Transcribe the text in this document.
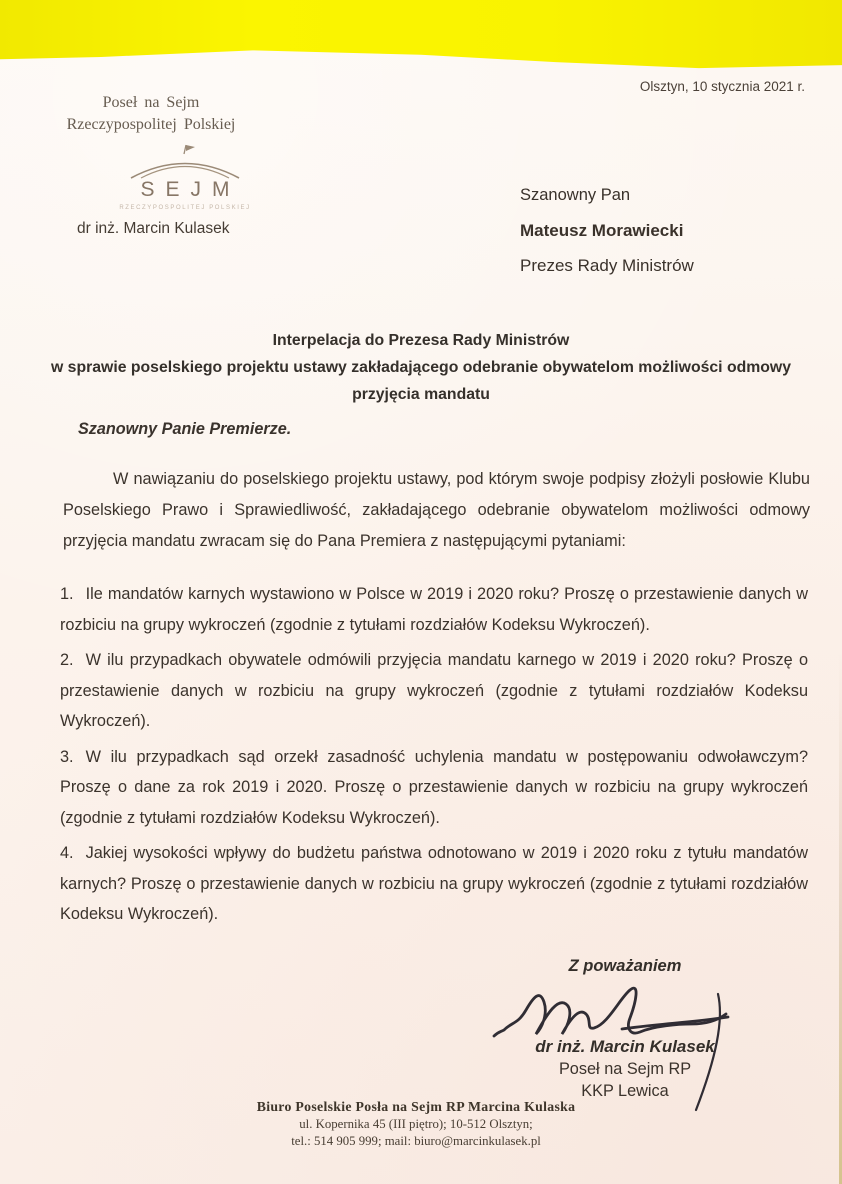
Olsztyn, 10 stycznia 2021 r.
Poseł na Sejm
Rzeczypospolitej Polskiej
SEJM
RZECZYPOSPOLITEJ POLSKIEJ
dr inż. Marcin Kulasek
Szanowny Pan
Mateusz Morawiecki
Prezes Rady Ministrów
Interpelacja do Prezesa Rady Ministrów
w sprawie poselskiego projektu ustawy zakładającego odebranie obywatelom możliwości odmowy
przyjęcia mandatu
Szanowny Panie Premierze.
W nawiązaniu do poselskiego projektu ustawy, pod którym swoje podpisy złożyli posłowie Klubu Poselskiego Prawo i Sprawiedliwość, zakładającego odebranie obywatelom możliwości odmowy przyjęcia mandatu zwracam się do Pana Premiera z następującymi pytaniami:
1. Ile mandatów karnych wystawiono w Polsce w 2019 i 2020 roku? Proszę o przestawienie danych w rozbiciu na grupy wykroczeń (zgodnie z tytułami rozdziałów Kodeksu Wykroczeń).
2. W ilu przypadkach obywatele odmówili przyjęcia mandatu karnego w 2019 i 2020 roku? Proszę o przestawienie danych w rozbiciu na grupy wykroczeń (zgodnie z tytułami rozdziałów Kodeksu Wykroczeń).
3. W ilu przypadkach sąd orzekł zasadność uchylenia mandatu w postępowaniu odwoławczym? Proszę o dane za rok 2019 i 2020. Proszę o przestawienie danych w rozbiciu na grupy wykroczeń (zgodnie z tytułami rozdziałów Kodeksu Wykroczeń).
4. Jakiej wysokości wpływy do budżetu państwa odnotowano w 2019 i 2020 roku z tytułu mandatów karnych? Proszę o przestawienie danych w rozbiciu na grupy wykroczeń (zgodnie z tytułami rozdziałów Kodeksu Wykroczeń).
Z poważaniem
dr inż. Marcin Kulasek
Poseł na Sejm RP
KKP Lewica
Biuro Poselskie Posła na Sejm RP Marcina Kulaska
ul. Kopernika 45 (III piętro); 10-512 Olsztyn;
tel.: 514 905 999; mail: biuro@marcinkulasek.pl
